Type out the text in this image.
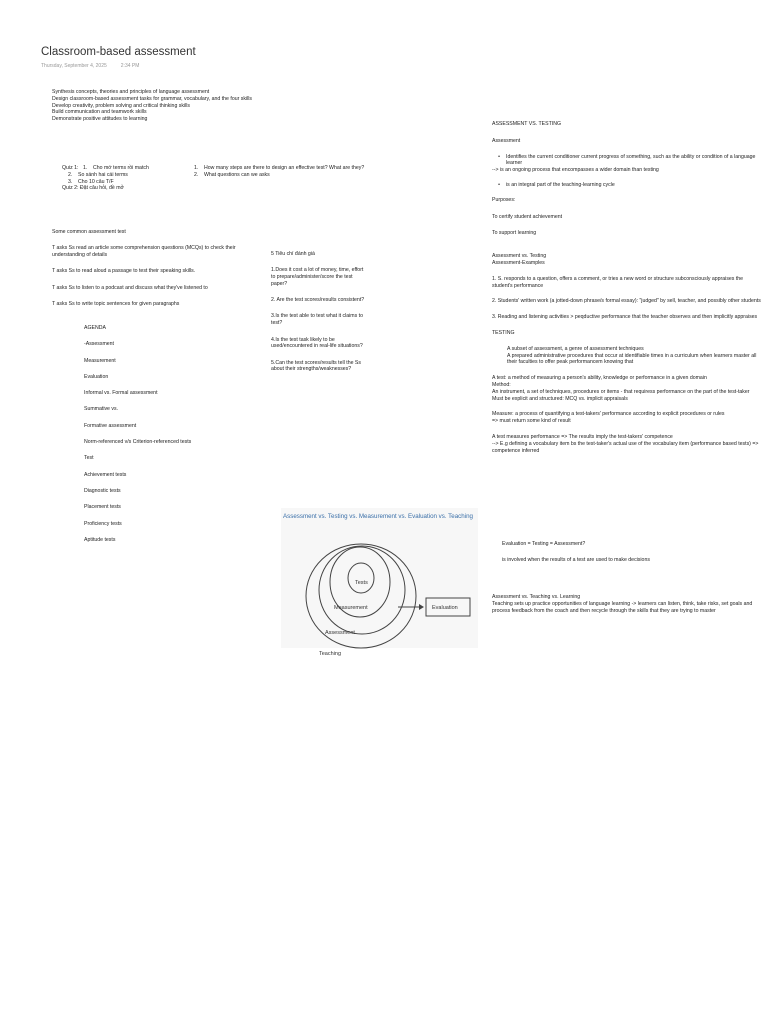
Classroom-based assessment
Thursday, September 4, 2025	2:34 PM
Synthesis concepts, theories and principles of language assessment
Design classroom-based assessment tasks for grammar, vocabulary, and the four skills
Develop creativity, problem solving and critical thinking skills
Build communication and teamwork skills
Demonstrate positive attitudes to learning
Quiz 1: 1.	Cho mớ terms rồi match
2.	So sánh hai cái terms
3.	Cho 10 câu T/F
Quiz 2: Đặt câu hỏi, đề mở
1.	How many steps are there to design an effective test? What are they?
2.	What questions can we asks

Some common assessment test

T asks Ss read an article some comprehension questions (MCQs) to check their understanding of details

T asks Ss to read aloud a passage to test their speaking skills.

T asks Ss to listen to a podcast and discuss what they've listened to

T asks Ss to write topic sentences for given paragraphs

5 Tiêu chí đánh giá

1.Does it cost a lot of money, time, effort to prepare/administer/score the test paper?

2. Are the test scores/results consistent?

3.Is the test able to test what it claims to test?

4.Is the test task likely to be used/encountered in real-life situations?

5.Can the test scores/results tell the Ss about their strengths/weaknesses?

AGENDA

-Assessment

Measurement

Evaluation

Informal vs. Formal assessment

Summative vs.

Formative assessment

Norm-referenced v/s Criterion-referenced tests

Test

Achievement tests

Diagnostic tests

Placement tests

Proficiency tests

Aptitude tests

Assessment vs. Testing vs. Measurement vs. Evaluation vs. Teaching
Tests
Measurement
Assessment
Teaching
Evaluation
ASSESSMENT VS. TESTING
Assessment
•	Identifies the current conditioner current progress of something, such as the ability or condition of a language learner
--> is an ongoing process that encompasses a wider domain than testing
•	is an integral part of the teaching-learning cycle
Purposes:
To certify student achievement
To support learning
Assessment vs. Testing
Assessment-Examples
1. S. responds to a question, offers a comment, or tries a new word or structure subconsciously appraises the student's performance
2. Students' written work (a jotted-down phrase/s formal essay): "judged" by sell, teacher, and possibly other students
3. Reading and listening activities > peqductive performance that the teacher observes and then implicitly appraises
TESTING
A subset of assessment, a genre of assessment techniques
A prepared administrative procedures that occur at identifiable times in a curriculum when learners master all their faculties to offer peak performancem knowing that
A test: a method of measuring a person's ability, knowledge or performance in a given domain
Method:
An instrument, a set of techniques, procedures or items - that requiress performance on the part of the test-taker
Must be explicit and structured: MCQ vs. implicit appraisals
Measure: a process of quantifying a test-takers' performance according to explicit procedures or rules
=> must return some kind of result
A test measures performance => The results imply the test-takers' competence
--> E.g defining a vocabulary item bs the test-taker's actual use of the vocabulary item (performance based tests) => competence inferred
Evaluation = Testing = Assessment?
is involved when the results of a test are used to make decisions
Assessment vs. Teaching vs. Learning
Teaching sets up practice opportunities of language learning -> learners can listen, think, take risks, set goals and process feedback from the coach and then recycle through the skills that they are trying to master
